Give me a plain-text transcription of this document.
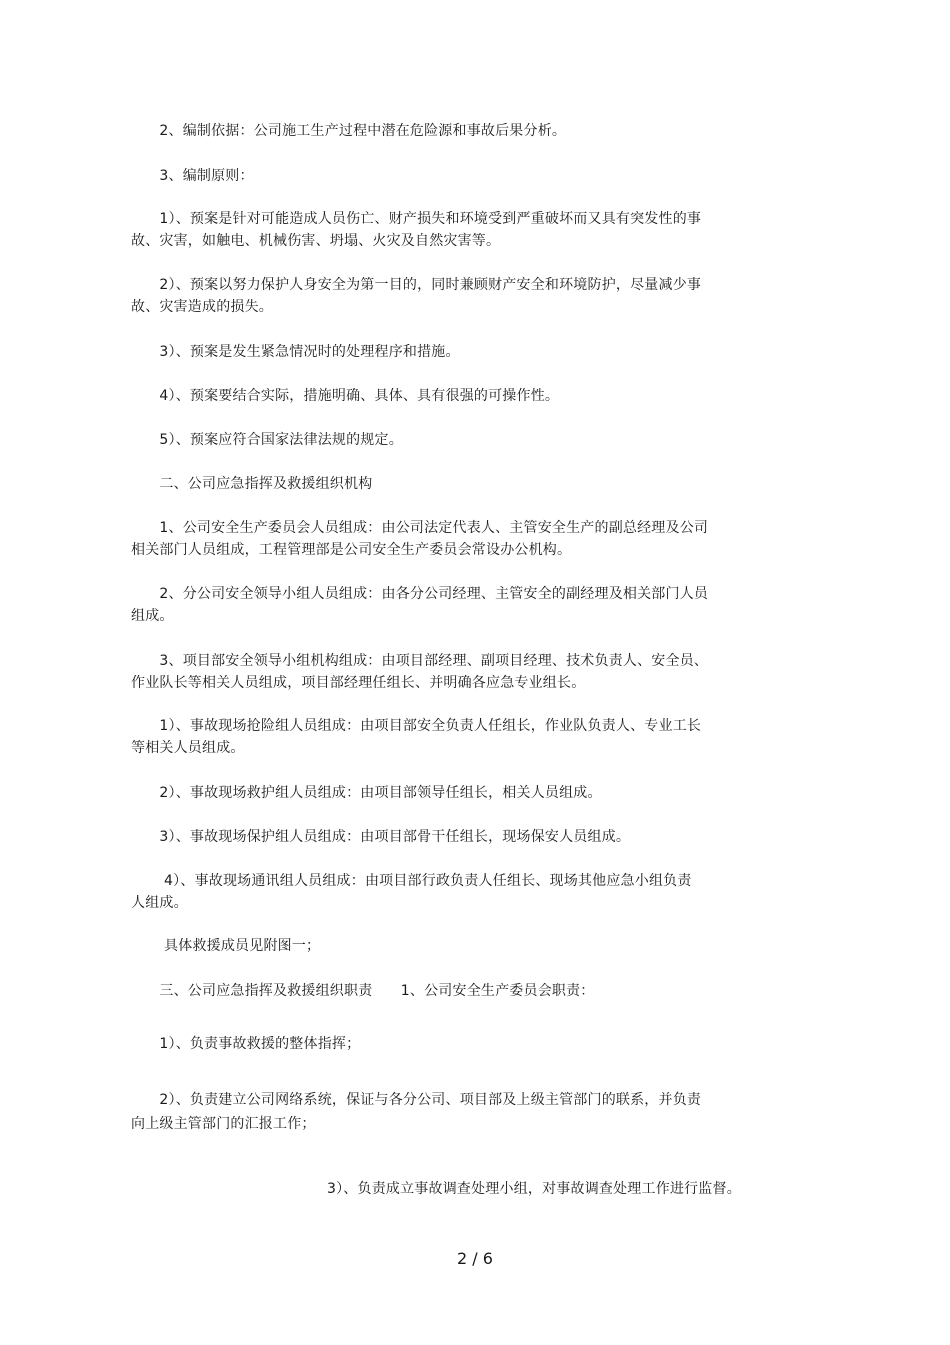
　　2、编制依据：公司施工生产过程中潜在危险源和事故后果分析。
　　3、编制原则：
　　1）、预案是针对可能造成人员伤亡、财产损失和环境受到严重破坏而又具有突发性的事
故、灾害，如触电、机械伤害、坍塌、火灾及自然灾害等。
　　2）、预案以努力保护人身安全为第一目的，同时兼顾财产安全和环境防护，尽量减少事
故、灾害造成的损失。
　　3）、预案是发生紧急情况时的处理程序和措施。
　　4）、预案要结合实际，措施明确、具体、具有很强的可操作性。
　　5）、预案应符合国家法律法规的规定。
　　二、公司应急指挥及救援组织机构
　　1、公司安全生产委员会人员组成：由公司法定代表人、主管安全生产的副总经理及公司
相关部门人员组成，工程管理部是公司安全生产委员会常设办公机构。
　　2、分公司安全领导小组人员组成：由各分公司经理、主管安全的副经理及相关部门人员
组成。
　　3、项目部安全领导小组机构组成：由项目部经理、副项目经理、技术负责人、安全员、
作业队长等相关人员组成，项目部经理任组长、并明确各应急专业组长。
　　1）、事故现场抢险组人员组成：由项目部安全负责人任组长，作业队负责人、专业工长
等相关人员组成。
　　2）、事故现场救护组人员组成：由项目部领导任组长，相关人员组成。
　　3）、事故现场保护组人员组成：由项目部骨干任组长，现场保安人员组成。
　　 4）、事故现场通讯组人员组成：由项目部行政负责人任组长、现场其他应急小组负责
人组成。
　　 具体救援成员见附图一；
　　三、公司应急指挥及救援组织职责　　1、公司安全生产委员会职责：
　　1）、负责事故救援的整体指挥；
　　2）、负责建立公司网络系统，保证与各分公司、项目部及上级主管部门的联系，并负责
向上级主管部门的汇报工作；
3）、负责成立事故调查处理小组，对事故调查处理工作进行监督。
2 / 6
